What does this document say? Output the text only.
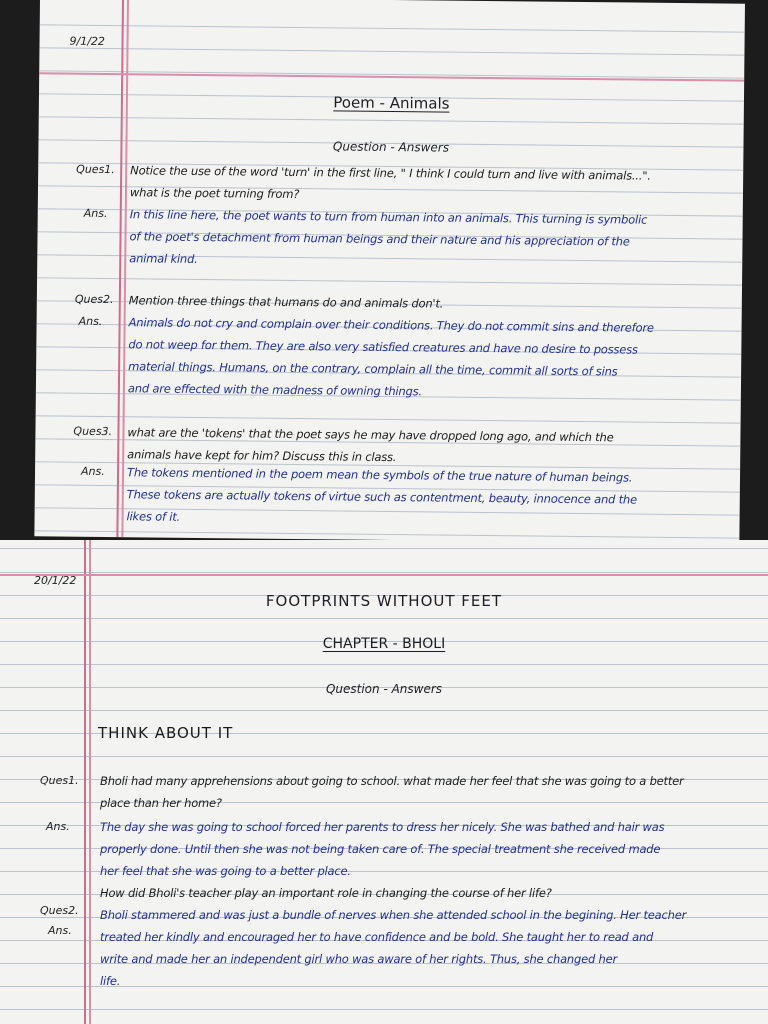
9/1/22
Poem - Animals
Question - Answers
Ques1. Notice the use of the word 'turn' in the first line, " I think I could turn and live with animals...".
what is the poet turning from?
Ans. In this line here, the poet wants to turn from human into an animals. This turning is symbolic
of the poet's detachment from human beings and their nature and his appreciation of the
animal kind.
Ques2. Mention three things that humans do and animals don't.
Ans. Animals do not cry and complain over their conditions. They do not commit sins and therefore
do not weep for them. They are also very satisfied creatures and have no desire to possess
material things. Humans, on the contrary, complain all the time, commit all sorts of sins
and are effected with the madness of owning things.
Ques3. what are the 'tokens' that the poet says he may have dropped long ago, and which the
animals have kept for him? Discuss this in class.
Ans. The tokens mentioned in the poem mean the symbols of the true nature of human beings.
These tokens are actually tokens of virtue such as contentment, beauty, innocence and the
likes of it.
20/1/22
FOOTPRINTS WITHOUT FEET
CHAPTER - BHOLI
Question - Answers
THINK ABOUT IT
Ques1. Bholi had many apprehensions about going to school. what made her feel that she was going to a better
place than her home?
Ans.	The day she was going to school forced her parents to dress her nicely. She was bathed and hair was
properly done. Until then she was not being taken care of. The special treatment she received made
her feel that she was going to a better place.
Ques2.
How did Bholi's teacher play an important role in changing the course of her life?
Ans.
Bholi stammered and was just a bundle of nerves when she attended school in the begining. Her teacher
treated her kindly and encouraged her to have confidence and be bold. She taught her to read and
write and made her an independent girl who was aware of her rights. Thus, she changed her
life.
